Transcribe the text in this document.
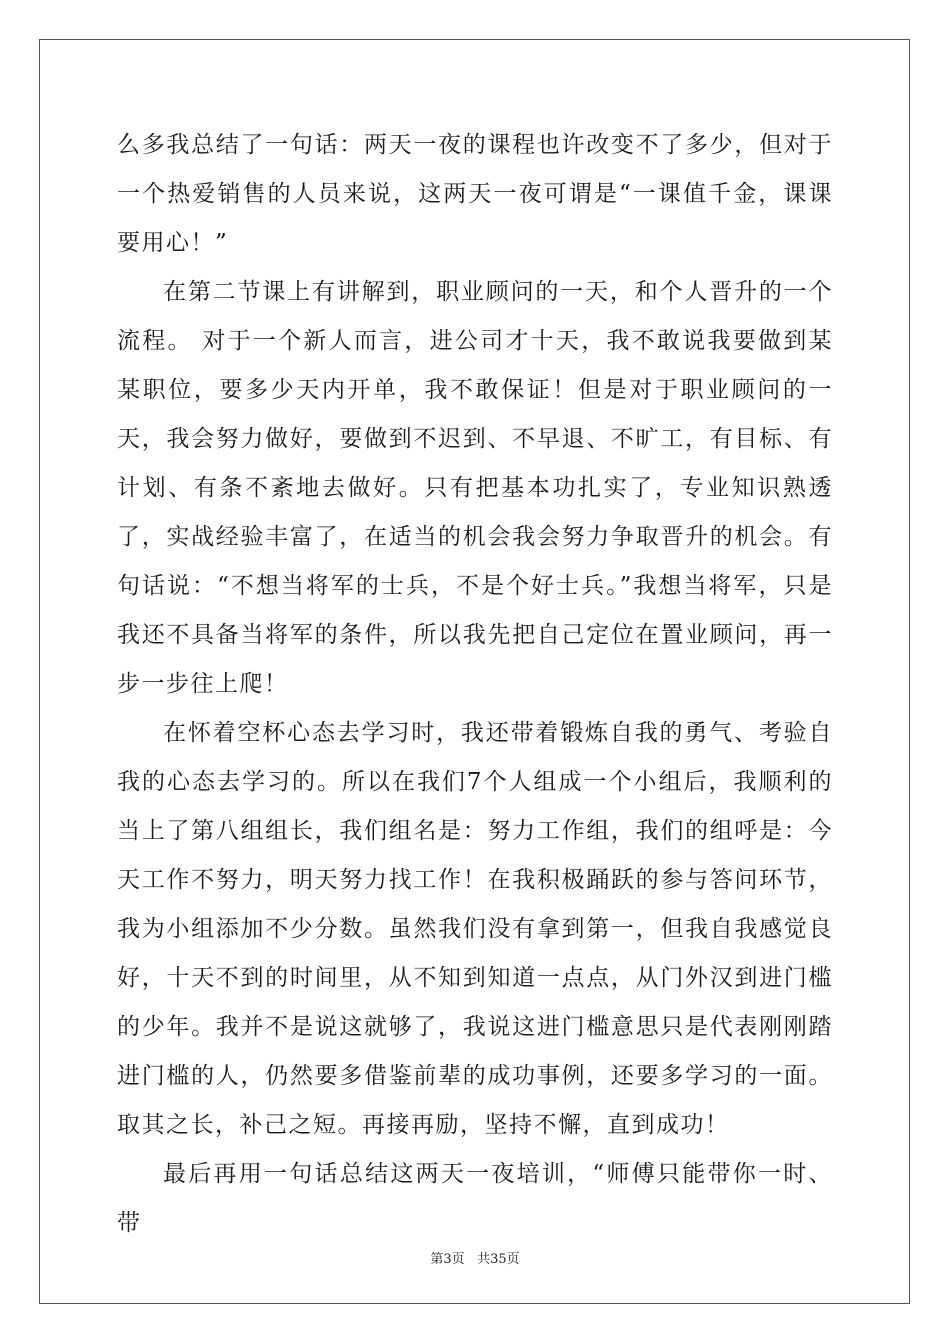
么多我总结了一句话：两天一夜的课程也许改变不了多少，但对于一个热爱销售的人员来说，这两天一夜可谓是“一课值千金，课课要用心！”

在第二节课上有讲解到，职业顾问的一天，和个人晋升的一个流程。 对于一个新人而言，进公司才十天，我不敢说我要做到某某职位，要多少天内开单，我不敢保证！但是对于职业顾问的一天，我会努力做好，要做到不迟到、不早退、不旷工，有目标、有计划、有条不紊地去做好。只有把基本功扎实了，专业知识熟透了，实战经验丰富了，在适当的机会我会努力争取晋升的机会。有句话说：“不想当将军的士兵，不是个好士兵。”我想当将军，只是我还不具备当将军的条件，所以我先把自己定位在置业顾问，再一步一步往上爬！

在怀着空杯心态去学习时，我还带着锻炼自我的勇气、考验自我的心态去学习的。所以在我们7个人组成一个小组后，我顺利的当上了第八组组长，我们组名是：努力工作组，我们的组呼是：今天工作不努力，明天努力找工作！在我积极踊跃的参与答问环节，我为小组添加不少分数。虽然我们没有拿到第一，但我自我感觉良好，十天不到的时间里，从不知到知道一点点，从门外汉到进门槛的少年。我并不是说这就够了，我说这进门槛意思只是代表刚刚踏进门槛的人，仍然要多借鉴前辈的成功事例，还要多学习的一面。取其之长，补己之短。再接再励，坚持不懈，直到成功！

最后再用一句话总结这两天一夜培训，“师傅只能带你一时、带

第3页 共35页
